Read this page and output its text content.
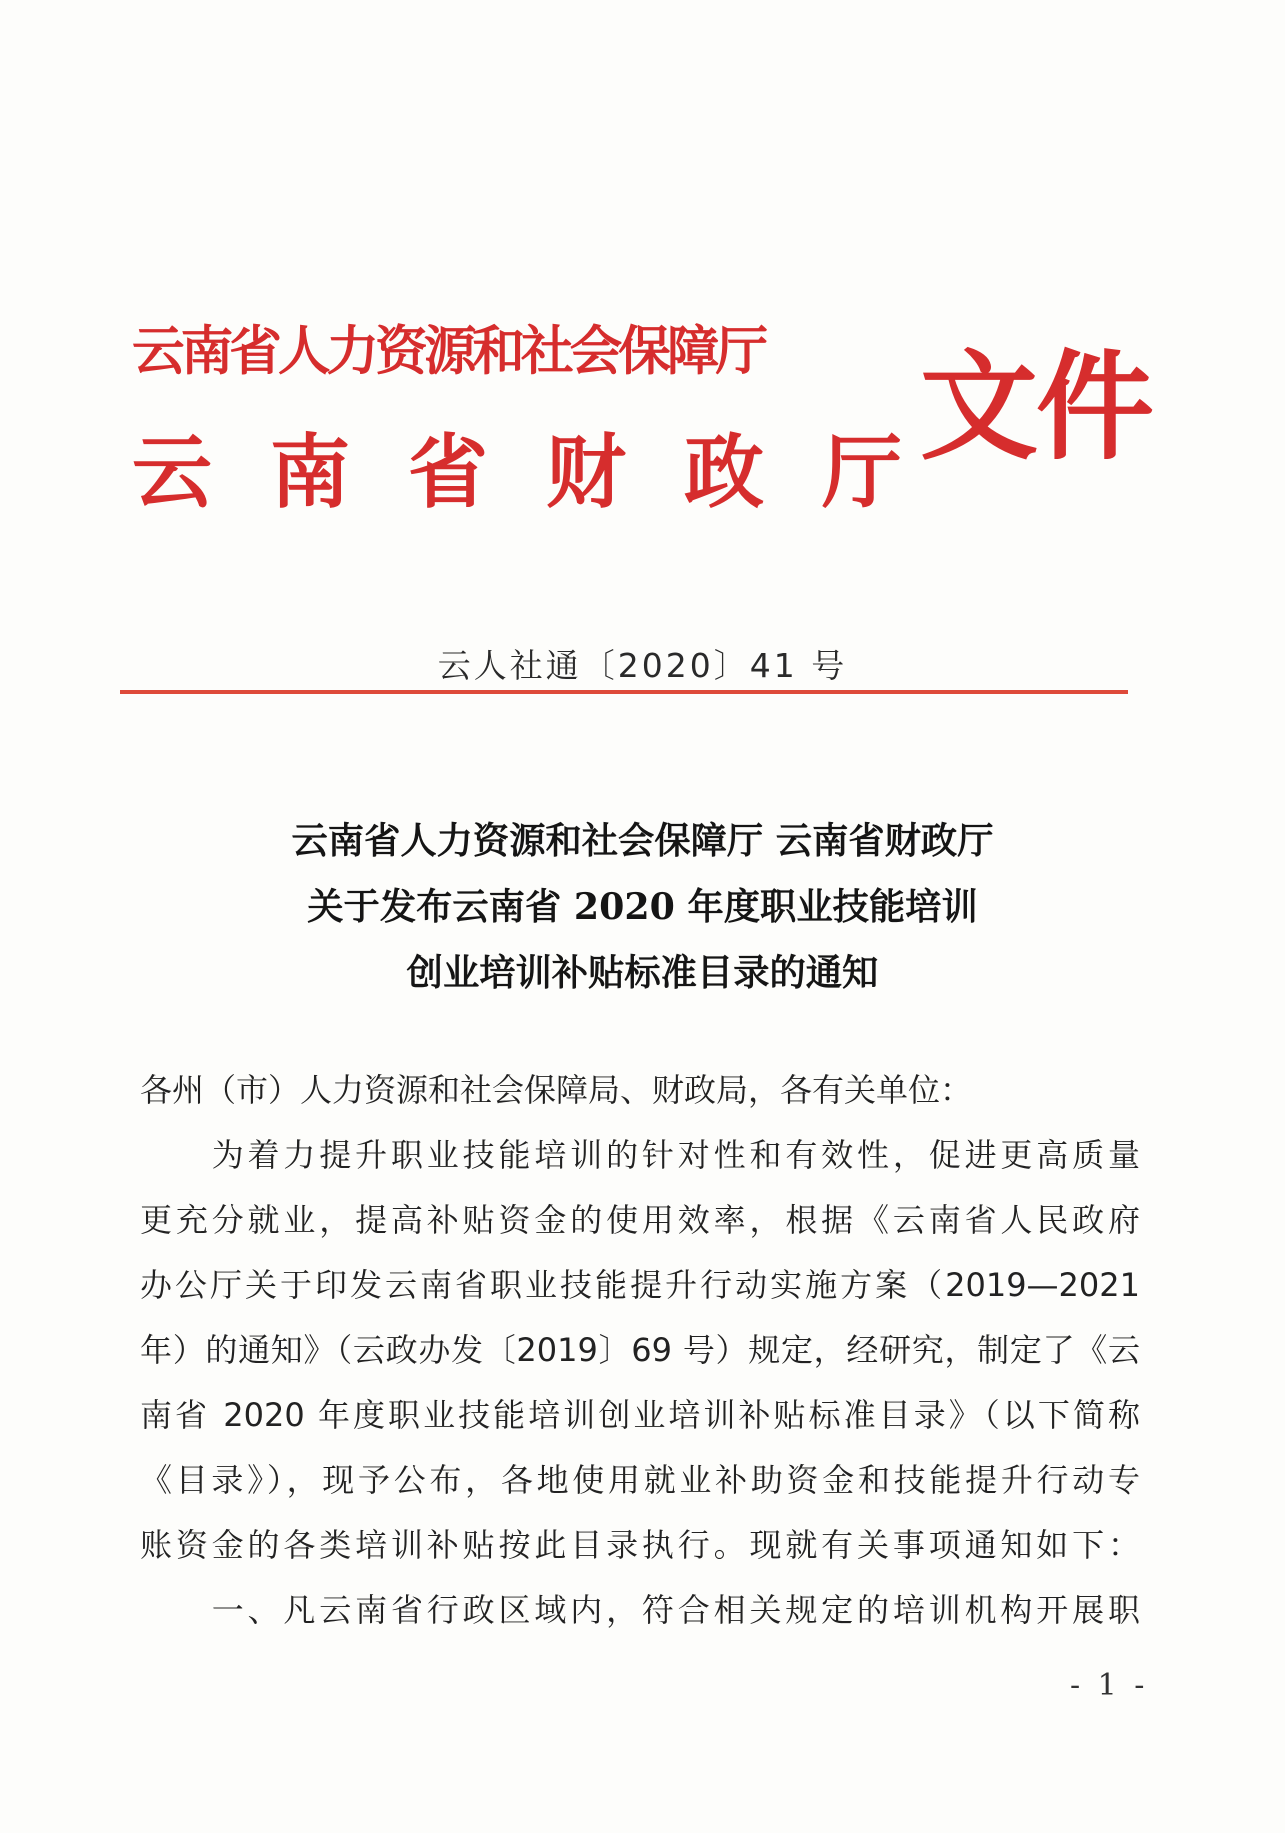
云南省人力资源和社会保障厅
云 南 省 财 政 厅 文件
云人社通〔2020〕41 号
云南省人力资源和社会保障厅 云南省财政厅
关于发布云南省 2020 年度职业技能培训
创业培训补贴标准目录的通知
各州（市）人力资源和社会保障局、财政局，各有关单位：
　　为着力提升职业技能培训的针对性和有效性，促进更高质量
更充分就业，提高补贴资金的使用效率，根据《云南省人民政府
办公厅关于印发云南省职业技能提升行动实施方案（2019—2021
年）的通知》（云政办发〔2019〕69 号）规定，经研究，制定了《云
南省 2020 年度职业技能培训创业培训补贴标准目录》（以下简称
《目录》），现予公布，各地使用就业补助资金和技能提升行动专
账资金的各类培训补贴按此目录执行。现就有关事项通知如下：
　　一、凡云南省行政区域内，符合相关规定的培训机构开展职
- 1 -
